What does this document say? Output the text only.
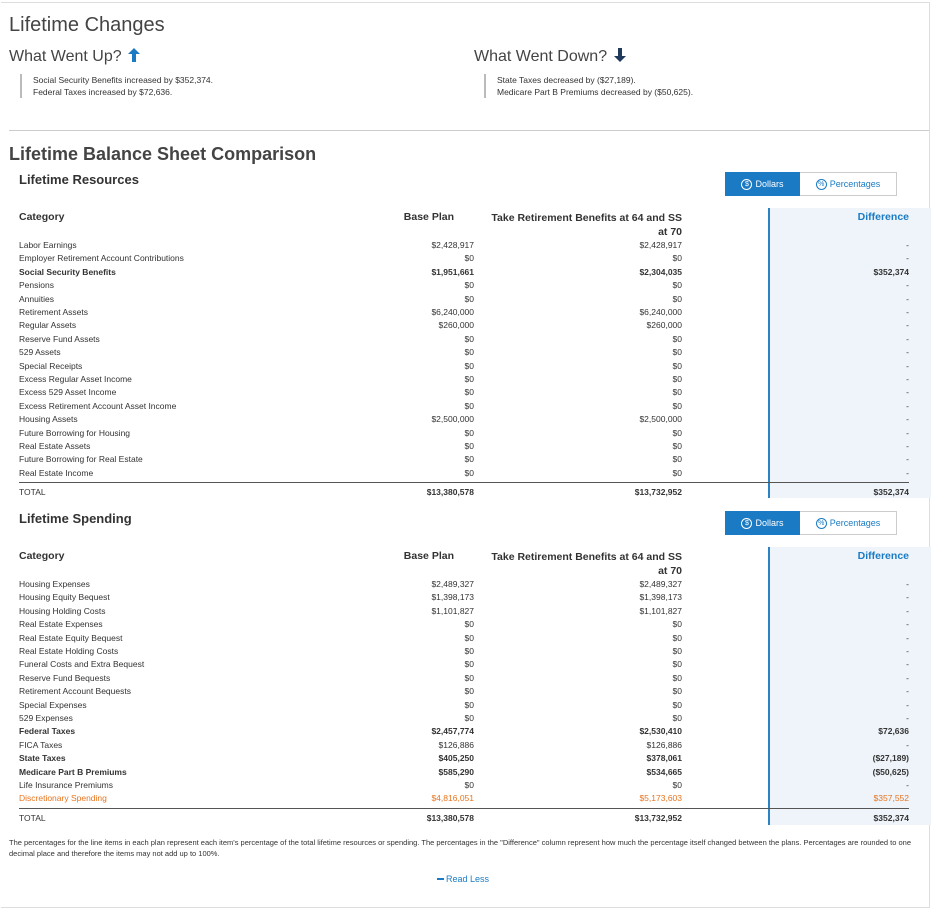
Lifetime Changes
What Went Up?
Social Security Benefits increased by $352,374.
Federal Taxes increased by $72,636.
What Went Down?
State Taxes decreased by ($27,189).
Medicare Part B Premiums decreased by ($50,625).
Lifetime Balance Sheet Comparison
Lifetime Resources	$ Dollars	% Percentages
Category	Base Plan	Take Retirement Benefits at 64 and SS
at 70
Difference
Labor Earnings	$2,428,917	$2,428,917	-
Employer Retirement Account Contributions	$0	$0	-
Social Security Benefits	$1,951,661	$2,304,035	$352,374
Pensions	$0	$0	-
Annuities	$0	$0	-
Retirement Assets	$6,240,000	$6,240,000	-
Regular Assets	$260,000	$260,000	-
Reserve Fund Assets	$0	$0	-
529 Assets	$0	$0	-
Special Receipts	$0	$0	-
Excess Regular Asset Income	$0	$0	-
Excess 529 Asset Income	$0	$0	-
Excess Retirement Account Asset Income	$0	$0	-
Housing Assets	$2,500,000	$2,500,000	-
Future Borrowing for Housing	$0	$0	-
Real Estate Assets	$0	$0	-
Future Borrowing for Real Estate	$0	$0	-
Real Estate Income	$0	$0	-
TOTAL	$13,380,578	$13,732,952	$352,374
Lifetime Spending	$ Dollars	% Percentages
Category	Base Plan	Take Retirement Benefits at 64 and SS
at 70
Difference
Housing Expenses	$2,489,327	$2,489,327	-
Housing Equity Bequest	$1,398,173	$1,398,173	-
Housing Holding Costs	$1,101,827	$1,101,827	-
Real Estate Expenses	$0	$0	-
Real Estate Equity Bequest	$0	$0	-
Real Estate Holding Costs	$0	$0	-
Funeral Costs and Extra Bequest	$0	$0	-
Reserve Fund Bequests	$0	$0	-
Retirement Account Bequests	$0	$0	-
Special Expenses	$0	$0	-
529 Expenses	$0	$0	-
Federal Taxes	$2,457,774	$2,530,410	$72,636
FICA Taxes	$126,886	$126,886	-
State Taxes	$405,250	$378,061	($27,189)
Medicare Part B Premiums	$585,290	$534,665	($50,625)
Life Insurance Premiums	$0	$0	-
Discretionary Spending	$4,816,051	$5,173,603	$357,552
TOTAL	$13,380,578	$13,732,952	$352,374
The percentages for the line items in each plan represent each item's percentage of the total lifetime resources or spending. The percentages in the "Difference" column represent how much the percentage itself changed between the plans. Percentages are rounded to one decimal place and therefore the items may not add up to 100%.
Read Less
